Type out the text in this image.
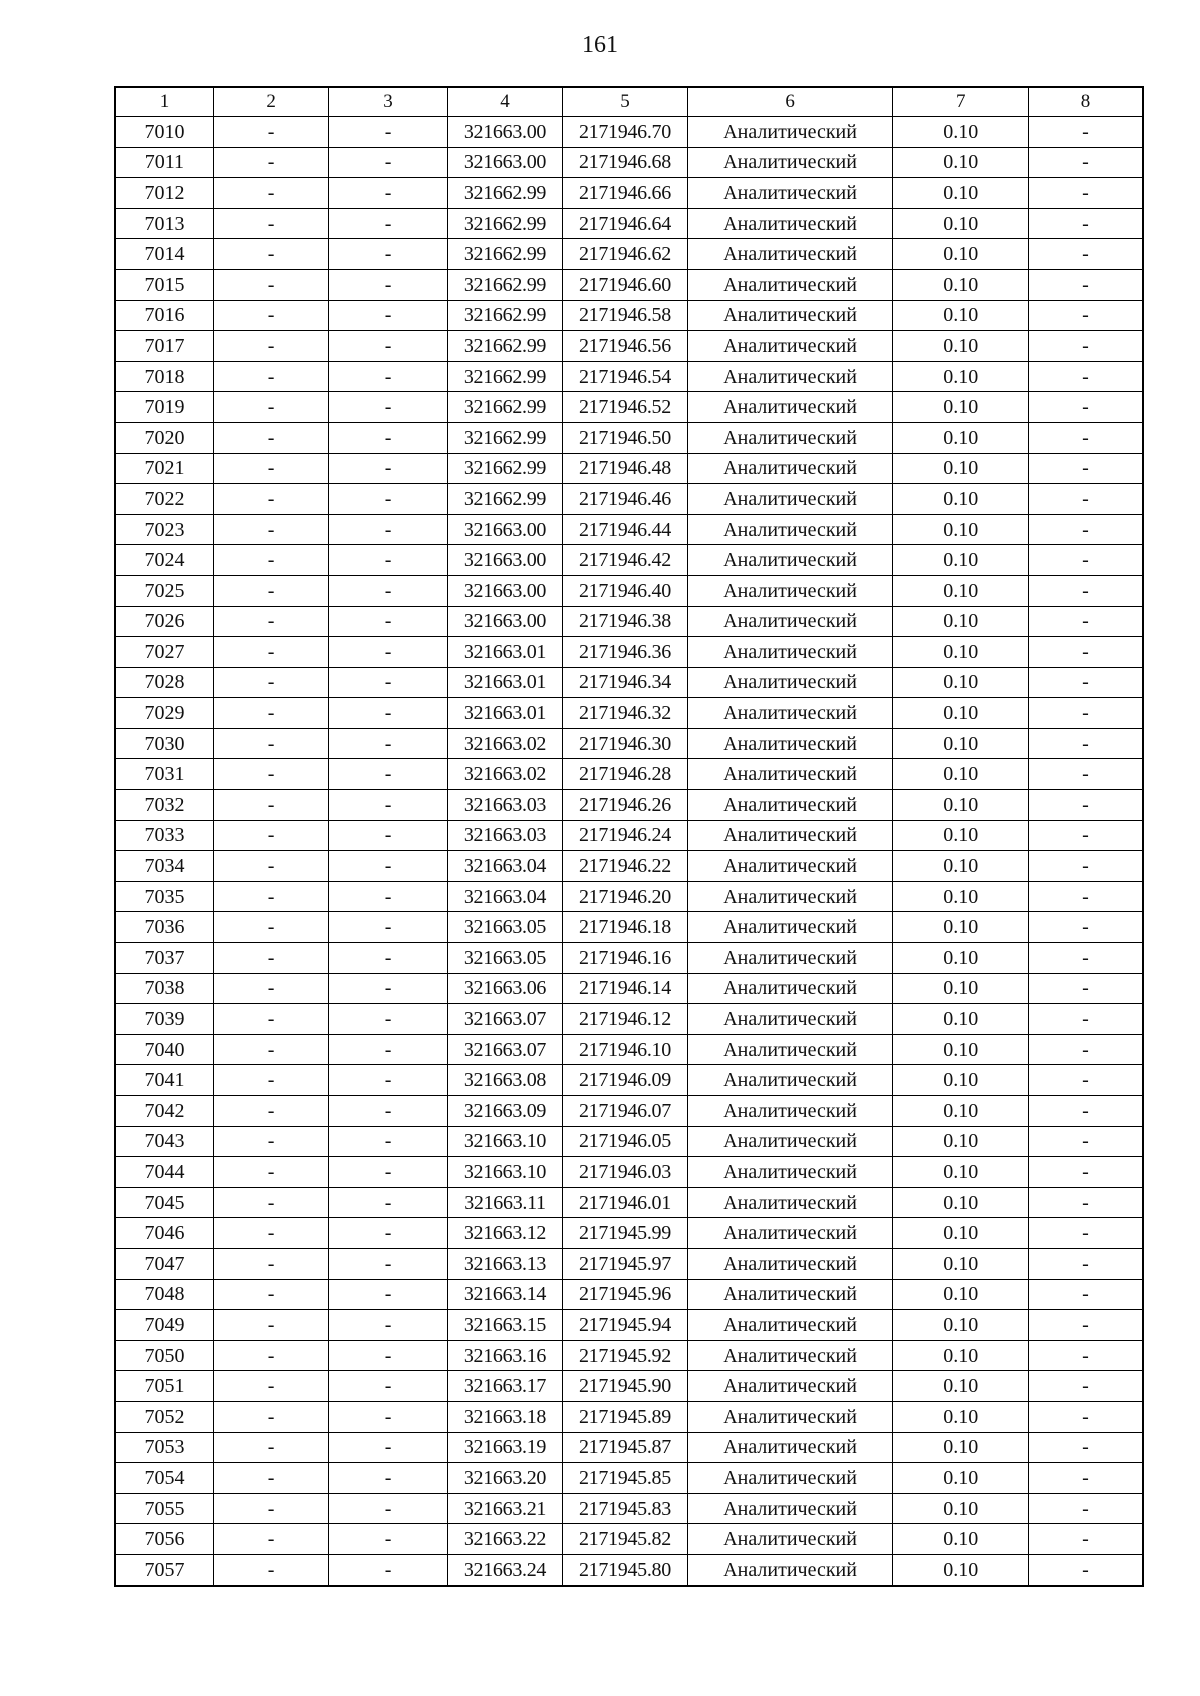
161
1	2	3	4	5	6	7	8
7010	-	-	321663.00	2171946.70	Аналитический	0.10	-
7011	-	-	321663.00	2171946.68	Аналитический	0.10	-
7012	-	-	321662.99	2171946.66	Аналитический	0.10	-
7013	-	-	321662.99	2171946.64	Аналитический	0.10	-
7014	-	-	321662.99	2171946.62	Аналитический	0.10	-
7015	-	-	321662.99	2171946.60	Аналитический	0.10	-
7016	-	-	321662.99	2171946.58	Аналитический	0.10	-
7017	-	-	321662.99	2171946.56	Аналитический	0.10	-
7018	-	-	321662.99	2171946.54	Аналитический	0.10	-
7019	-	-	321662.99	2171946.52	Аналитический	0.10	-
7020	-	-	321662.99	2171946.50	Аналитический	0.10	-
7021	-	-	321662.99	2171946.48	Аналитический	0.10	-
7022	-	-	321662.99	2171946.46	Аналитический	0.10	-
7023	-	-	321663.00	2171946.44	Аналитический	0.10	-
7024	-	-	321663.00	2171946.42	Аналитический	0.10	-
7025	-	-	321663.00	2171946.40	Аналитический	0.10	-
7026	-	-	321663.00	2171946.38	Аналитический	0.10	-
7027	-	-	321663.01	2171946.36	Аналитический	0.10	-
7028	-	-	321663.01	2171946.34	Аналитический	0.10	-
7029	-	-	321663.01	2171946.32	Аналитический	0.10	-
7030	-	-	321663.02	2171946.30	Аналитический	0.10	-
7031	-	-	321663.02	2171946.28	Аналитический	0.10	-
7032	-	-	321663.03	2171946.26	Аналитический	0.10	-
7033	-	-	321663.03	2171946.24	Аналитический	0.10	-
7034	-	-	321663.04	2171946.22	Аналитический	0.10	-
7035	-	-	321663.04	2171946.20	Аналитический	0.10	-
7036	-	-	321663.05	2171946.18	Аналитический	0.10	-
7037	-	-	321663.05	2171946.16	Аналитический	0.10	-
7038	-	-	321663.06	2171946.14	Аналитический	0.10	-
7039	-	-	321663.07	2171946.12	Аналитический	0.10	-
7040	-	-	321663.07	2171946.10	Аналитический	0.10	-
7041	-	-	321663.08	2171946.09	Аналитический	0.10	-
7042	-	-	321663.09	2171946.07	Аналитический	0.10	-
7043	-	-	321663.10	2171946.05	Аналитический	0.10	-
7044	-	-	321663.10	2171946.03	Аналитический	0.10	-
7045	-	-	321663.11	2171946.01	Аналитический	0.10	-
7046	-	-	321663.12	2171945.99	Аналитический	0.10	-
7047	-	-	321663.13	2171945.97	Аналитический	0.10	-
7048	-	-	321663.14	2171945.96	Аналитический	0.10	-
7049	-	-	321663.15	2171945.94	Аналитический	0.10	-
7050	-	-	321663.16	2171945.92	Аналитический	0.10	-
7051	-	-	321663.17	2171945.90	Аналитический	0.10	-
7052	-	-	321663.18	2171945.89	Аналитический	0.10	-
7053	-	-	321663.19	2171945.87	Аналитический	0.10	-
7054	-	-	321663.20	2171945.85	Аналитический	0.10	-
7055	-	-	321663.21	2171945.83	Аналитический	0.10	-
7056	-	-	321663.22	2171945.82	Аналитический	0.10	-
7057	-	-	321663.24	2171945.80	Аналитический	0.10	-
